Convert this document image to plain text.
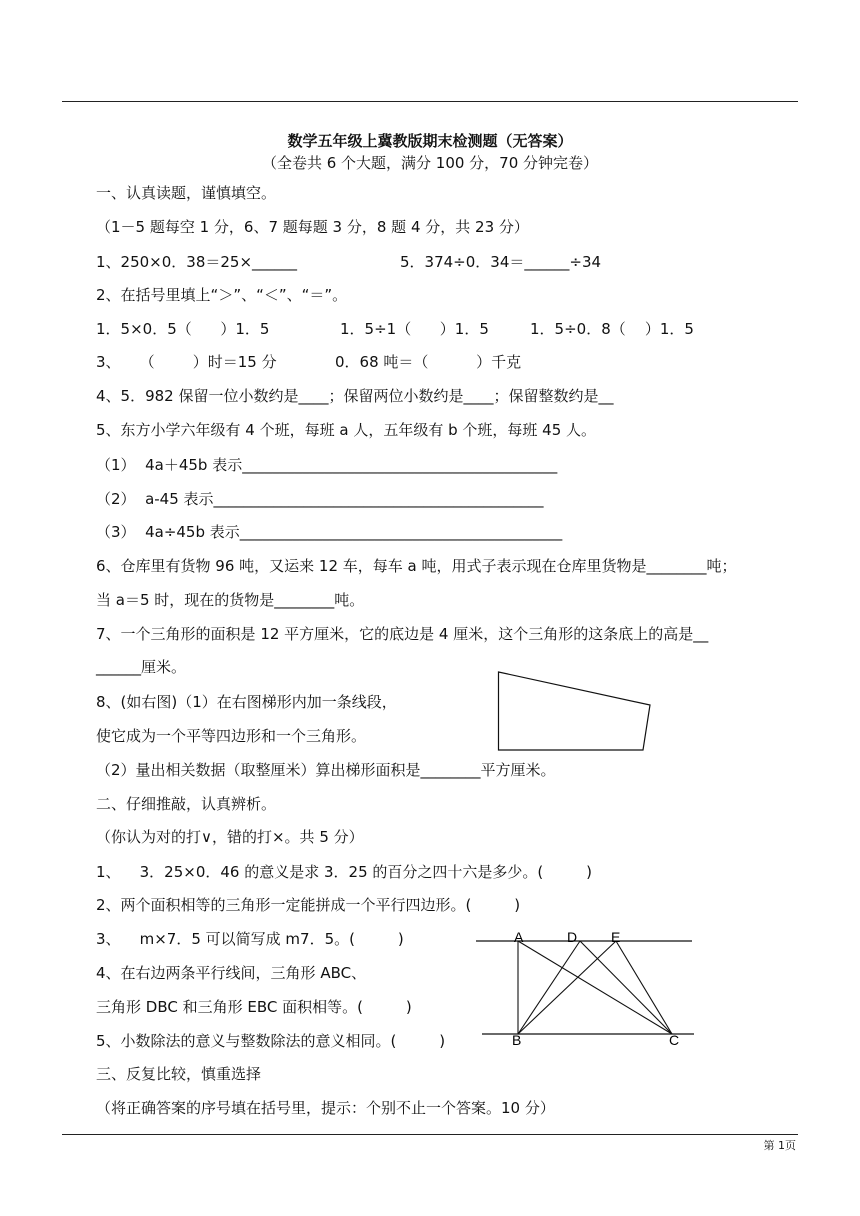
数学五年级上冀教版期末检测题（无答案）
（全卷共 6 个大题，满分 100 分，70 分钟完卷）
一、认真读题，谨慎填空。
（1－5 题每空 1 分，6、7 题每题 3 分，8 题 4 分，共 23 分）
1、250×0．38＝25×______	5．374÷0．34＝______÷34
2、在括号里填上“＞”、“＜”、“＝”。
1．5×0．5（      ）1．5	1．5÷1（      ）1．5	1．5÷0．8（    ）1．5
3、    （        ）时＝15 分	0．68 吨＝（          ）千克
4、5．982 保留一位小数约是____；保留两位小数约是____；保留整数约是__
5、东方小学六年级有 4 个班，每班 a 人，五年级有 b 个班，每班 45 人。
（1）  4a＋45b 表示__________________________________________
（2）  a-45 表示____________________________________________
（3）  4a÷45b 表示___________________________________________
6、仓库里有货物 96 吨，又运来 12 车，每车 a 吨，用式子表示现在仓库里货物是________吨；
当 a＝5 时，现在的货物是________吨。
7、一个三角形的面积是 12 平方厘米，它的底边是 4 厘米，这个三角形的这条底上的高是__
______厘米。
8、(如右图)（1）在右图梯形内加一条线段，
使它成为一个平等四边形和一个三角形。
（2）量出相关数据（取整厘米）算出梯形面积是________平方厘米。
二、仔细推敲，认真辨析。
（你认为对的打∨，错的打×。共 5 分）
1、    3．25×0．46 的意义是求 3．25 的百分之四十六是多少。(         )
2、两个面积相等的三角形一定能拼成一个平行四边形。(         )
3、    m×7．5 可以简写成 m7．5。(         )
4、在右边两条平行线间，三角形 ABC、
三角形 DBC 和三角形 EBC 面积相等。(         )
5、小数除法的意义与整数除法的意义相同。(         )
A	D E
B	C
三、反复比较，慎重选择
（将正确答案的序号填在括号里，提示：个别不止一个答案。10 分）
第 1页
